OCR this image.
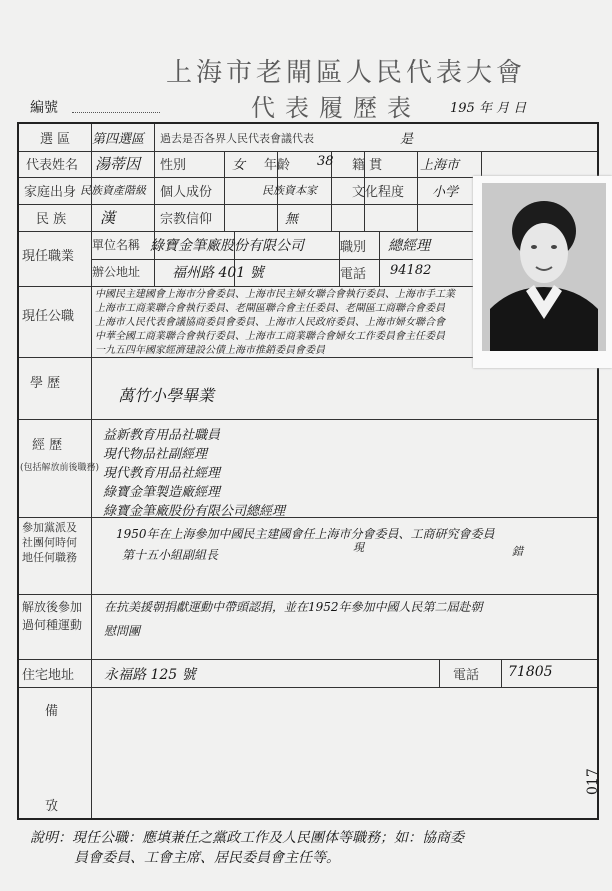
上海市老閘區人民代表大會
代表履歷表
編號	195 年 月 日
選 區 第四選區 過去是否各界人民代表會議代表	是
代表姓名 湯蒂因 性別	女 年齡 38 籍 貫	上海市
家庭出身 民族資產階級 個人成份	民族資本家	文化程度 小学
民 族 漢	宗教信仰	無
現任職業
單位名稱 綠寶金筆廠股份有限公司	職別 總經理
辦公地址 福州路 401 號	電話 94182
現任公職
中國民主建國會上海市分會委員、上海市民主婦女聯合會執行委員、上海市手工業
上海市工商業聯合會執行委員、老閘區聯合會主任委員、老閘區工商聯合會委員
上海市人民代表會議協商委員會委員、上海市人民政府委員、上海市婦女聯合會
中華全國工商業聯合會執行委員、上海市工商業聯合會婦女工作委員會主任委員
一九五四年國家經濟建設公債上海市推銷委員會委員
學 歷
萬竹小學畢業
經 歷
(包括解放前後職務)
益新教育用品社職員
現代物品社副經理
現代教育用品社經理
綠寶金筆製造廠經理
綠寶金筆廠股份有限公司總經理
參加黨派及社團何時何地任何職務
1950年在上海參加中國民主建國會任上海市分會委員、工商研究會委員
第十五小組副組長
現	錯
解放後參加過何種運動
在抗美援朝捐獻運動中帶頭認捐，並在1952年參加中國人民第二屆赴朝
慰問團
住宅地址 永福路 125 號	電話 71805
備
攷
017
說明：現任公職：應填兼任之黨政工作及人民團体等職務；如：協商委
員會委員、工會主席、居民委員會主任等。
